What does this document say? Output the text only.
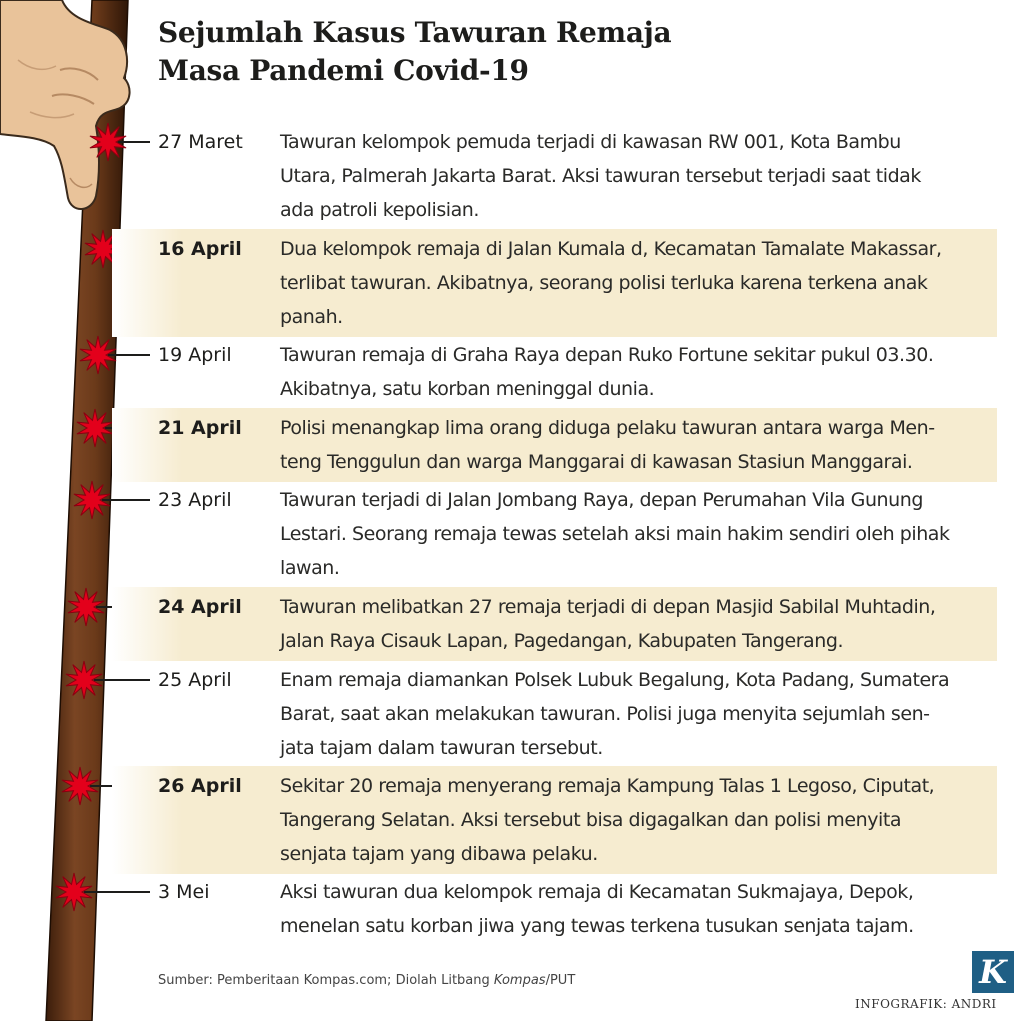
Sejumlah Kasus Tawuran Remaja
Masa Pandemi Covid-19
27 Maret Tawuran kelompok pemuda terjadi di kawasan RW 001, Kota Bambu
Utara, Palmerah Jakarta Barat. Aksi tawuran tersebut terjadi saat tidak
ada patroli kepolisian.
16 April Dua kelompok remaja di Jalan Kumala d, Kecamatan Tamalate Makassar,
terlibat tawuran. Akibatnya, seorang polisi terluka karena terkena anak
panah.
19 April	Tawuran remaja di Graha Raya depan Ruko Fortune sekitar pukul 03.30.
Akibatnya, satu korban meninggal dunia.
21 April Polisi menangkap lima orang diduga pelaku tawuran antara warga Men-
teng Tenggulun dan warga Manggarai di kawasan Stasiun Manggarai.
23 April	Tawuran terjadi di Jalan Jombang Raya, depan Perumahan Vila Gunung
Lestari. Seorang remaja tewas setelah aksi main hakim sendiri oleh pihak
lawan.
24 April Tawuran melibatkan 27 remaja terjadi di depan Masjid Sabilal Muhtadin,
Jalan Raya Cisauk Lapan, Pagedangan, Kabupaten Tangerang.
25 April	Enam remaja diamankan Polsek Lubuk Begalung, Kota Padang, Sumatera
Barat, saat akan melakukan tawuran. Polisi juga menyita sejumlah sen-
jata tajam dalam tawuran tersebut.
26 April Sekitar 20 remaja menyerang remaja Kampung Talas 1 Legoso, Ciputat,
Tangerang Selatan. Aksi tersebut bisa digagalkan dan polisi menyita
senjata tajam yang dibawa pelaku.
3 Mei	Aksi tawuran dua kelompok remaja di Kecamatan Sukmajaya, Depok,
menelan satu korban jiwa yang tewas terkena tusukan senjata tajam.
Sumber: Pemberitaan Kompas.com; Diolah Litbang Kompas/PUT	K
INFOGRAFIK: ANDRI
